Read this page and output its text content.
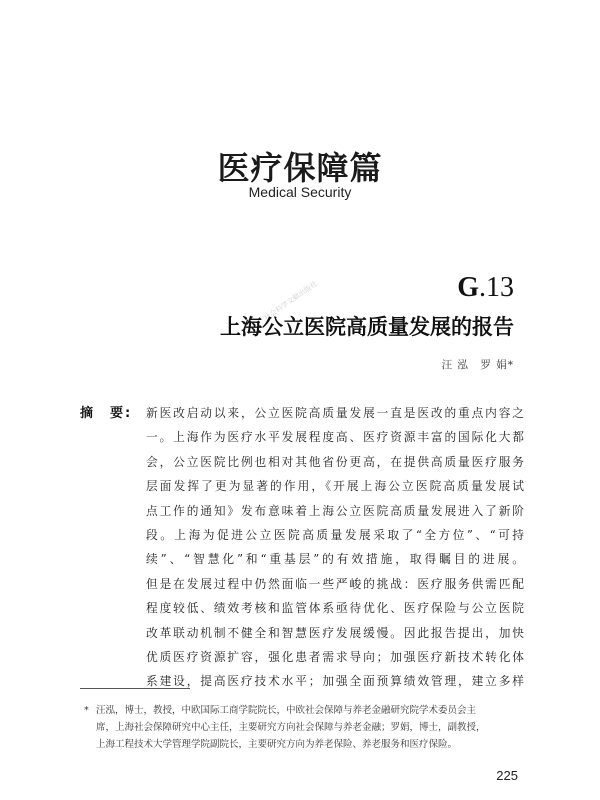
社会科学文献出版社
医疗保障篇
Medical Security
G.13
上海公立医院高质量发展的报告
汪 泓　罗 娟*
摘　要: 新医改启动以来，公立医院高质量发展一直是医改的重点内容之
一。上海作为医疗水平发展程度高、医疗资源丰富的国际化大都
会，公立医院比例也相对其他省份更高，在提供高质量医疗服务
层面发挥了更为显著的作用，《开展上海公立医院高质量发展试
点工作的通知》发布意味着上海公立医院高质量发展进入了新阶
段。上海为促进公立医院高质量发展采取了“全方位”、“可持
续”、“智慧化”和“重基层”的有效措施，取得瞩目的进展。
但是在发展过程中仍然面临一些严峻的挑战：医疗服务供需匹配
程度较低、绩效考核和监管体系亟待优化、医疗保险与公立医院
改革联动机制不健全和智慧医疗发展缓慢。因此报告提出，加快
优质医疗资源扩容，强化患者需求导向；加强医疗新技术转化体
系建设，提高医疗技术水平；加强全面预算绩效管理，建立多样
* 汪泓，博士，教授，中欧国际工商学院院长，中欧社会保障与养老金融研究院学术委员会主
席，上海社会保障研究中心主任，主要研究方向社会保障与养老金融；罗娟，博士，副教授，
上海工程技术大学管理学院副院长，主要研究方向为养老保险、养老服务和医疗保险。
225
